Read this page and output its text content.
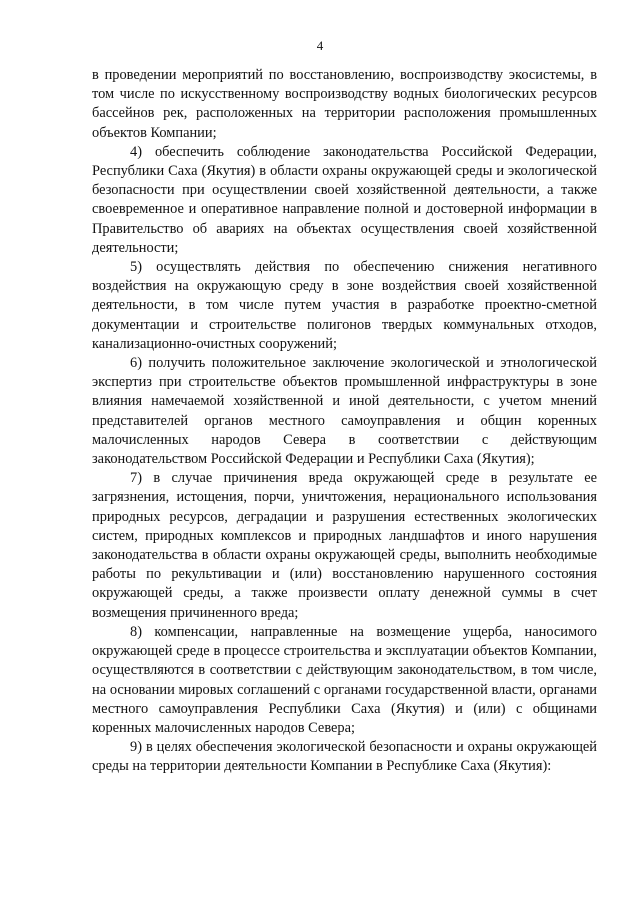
4

в проведении мероприятий по восстановлению, воспроизводству экосистемы, в том числе по искусственному воспроизводству водных биологических ресурсов бассейнов рек, расположенных на территории расположения промышленных объектов Компании;

4) обеспечить соблюдение законодательства Российской Федерации, Республики Саха (Якутия) в области охраны окружающей среды и экологической безопасности при осуществлении своей хозяйственной деятельности, а также своевременное и оперативное направление полной и достоверной информации в Правительство об авариях на объектах осуществления своей хозяйственной деятельности;

5) осуществлять действия по обеспечению снижения негативного воздействия на окружающую среду в зоне воздействия своей хозяйственной деятельности, в том числе путем участия в разработке проектно-сметной документации и строительстве полигонов твердых коммунальных отходов, канализационно-очистных сооружений;

6) получить положительное заключение экологической и этнологической экспертиз при строительстве объектов промышленной инфраструктуры в зоне влияния намечаемой хозяйственной и иной деятельности, с учетом мнений представителей органов местного самоуправления и общин коренных малочисленных народов Севера в соответствии с действующим законодательством Российской Федерации и Республики Саха (Якутия);

7) в случае причинения вреда окружающей среде в результате ее загрязнения, истощения, порчи, уничтожения, нерационального использования природных ресурсов, деградации и разрушения естественных экологических систем, природных комплексов и природных ландшафтов и иного нарушения законодательства в области охраны окружающей среды, выполнить необходимые работы по рекультивации и (или) восстановлению нарушенного состояния окружающей среды, а также произвести оплату денежной суммы в счет возмещения причиненного вреда;

8) компенсации, направленные на возмещение ущерба, наносимого окружающей среде в процессе строительства и эксплуатации объектов Компании, осуществляются в соответствии с действующим законодательством, в том числе, на основании мировых соглашений с органами государственной власти, органами местного самоуправления Республики Саха (Якутия) и (или) с общинами коренных малочисленных народов Севера;

9) в целях обеспечения экологической безопасности и охраны окружающей среды на территории деятельности Компании в Республике Саха (Якутия):
